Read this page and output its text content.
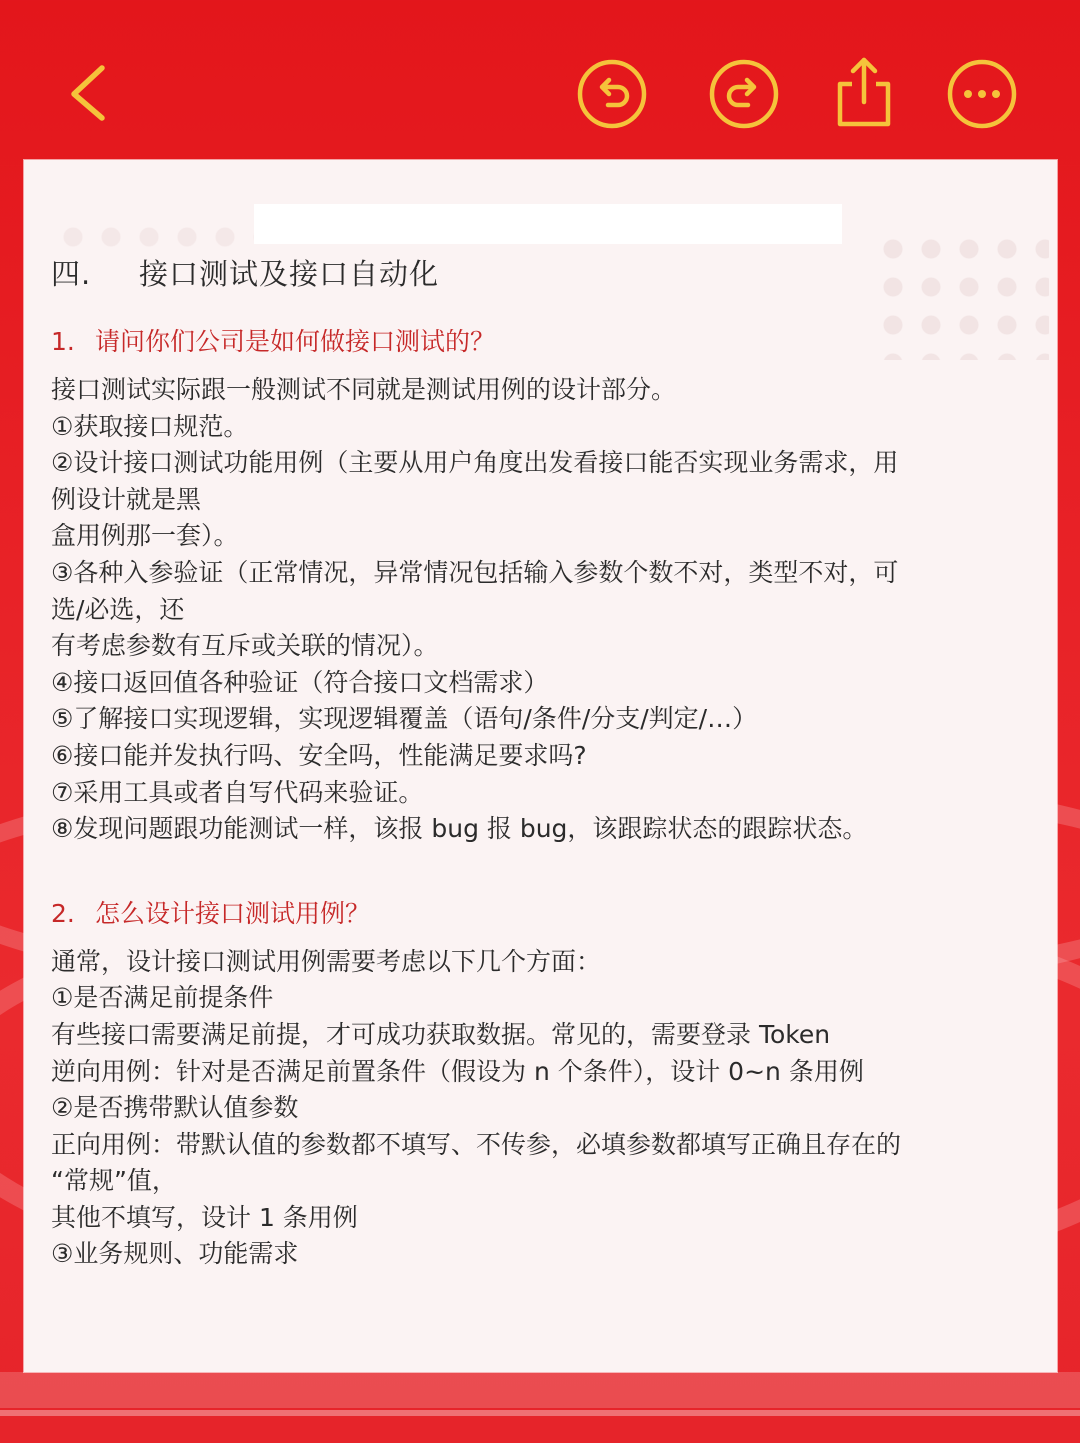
四. 接口测试及接口自动化
1. 请问你们公司是如何做接口测试的？

接口测试实际跟一般测试不同就是测试用例的设计部分。

①获取接口规范。

②设计接口测试功能用例（主要从用户角度出发看接口能否实现业务需求，用

例设计就是黑

盒用例那一套）。

③各种入参验证（正常情况，异常情况包括输入参数个数不对，类型不对，可

选/必选，还

有考虑参数有互斥或关联的情况）。

④接口返回值各种验证（符合接口文档需求）

⑤了解接口实现逻辑，实现逻辑覆盖（语句/条件/分支/判定/…）

⑥接口能并发执行吗、安全吗，性能满足要求吗?

⑦采用工具或者自写代码来验证。

⑧发现问题跟功能测试一样，该报 bug 报 bug，该跟踪状态的跟踪状态。

2. 怎么设计接口测试用例？

通常，设计接口测试用例需要考虑以下几个方面：

①是否满足前提条件

有些接口需要满足前提，才可成功获取数据。常见的，需要登录 Token

逆向用例：针对是否满足前置条件（假设为 n 个条件），设计 0~n 条用例

②是否携带默认值参数

正向用例：带默认值的参数都不填写、不传参，必填参数都填写正确且存在的

“常规”值，

其他不填写，设计 1 条用例

③业务规则、功能需求
